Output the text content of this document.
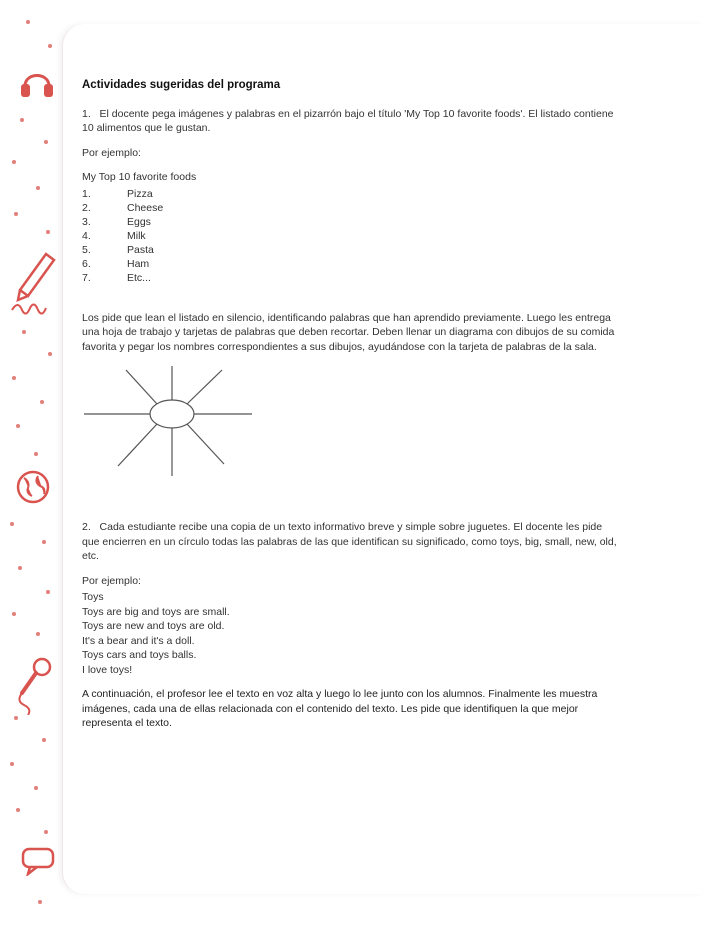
Actividades sugeridas del programa

1. El docente pega imágenes y palabras en el pizarrón bajo el título 'My Top 10 favorite foods'. El listado contiene 10 alimentos que le gustan.

Por ejemplo:

My Top 10 favorite foods
1.	Pizza
2.	Cheese
3.	Eggs
4.	Milk
5.	Pasta
6.	Ham
7.	Etc...

Los pide que lean el listado en silencio, identificando palabras que han aprendido previamente. Luego les entrega una hoja de trabajo y tarjetas de palabras que deben recortar. Deben llenar un diagrama con dibujos de su comida favorita y pegar los nombres correspondientes a sus dibujos, ayudándose con la tarjeta de palabras de la sala.

2. Cada estudiante recibe una copia de un texto informativo breve y simple sobre juguetes. El docente les pide que encierren en un círculo todas las palabras de las que identifican su significado, como toys, big, small, new, old, etc.

Por ejemplo:

Toys

Toys are big and toys are small.

Toys are new and toys are old.

It's a bear and it's a doll.

Toys cars and toys balls.

I love toys!

A continuación, el profesor lee el texto en voz alta y luego lo lee junto con los alumnos. Finalmente les muestra imágenes, cada una de ellas relacionada con el contenido del texto. Les pide que identifiquen la que mejor representa el texto.
